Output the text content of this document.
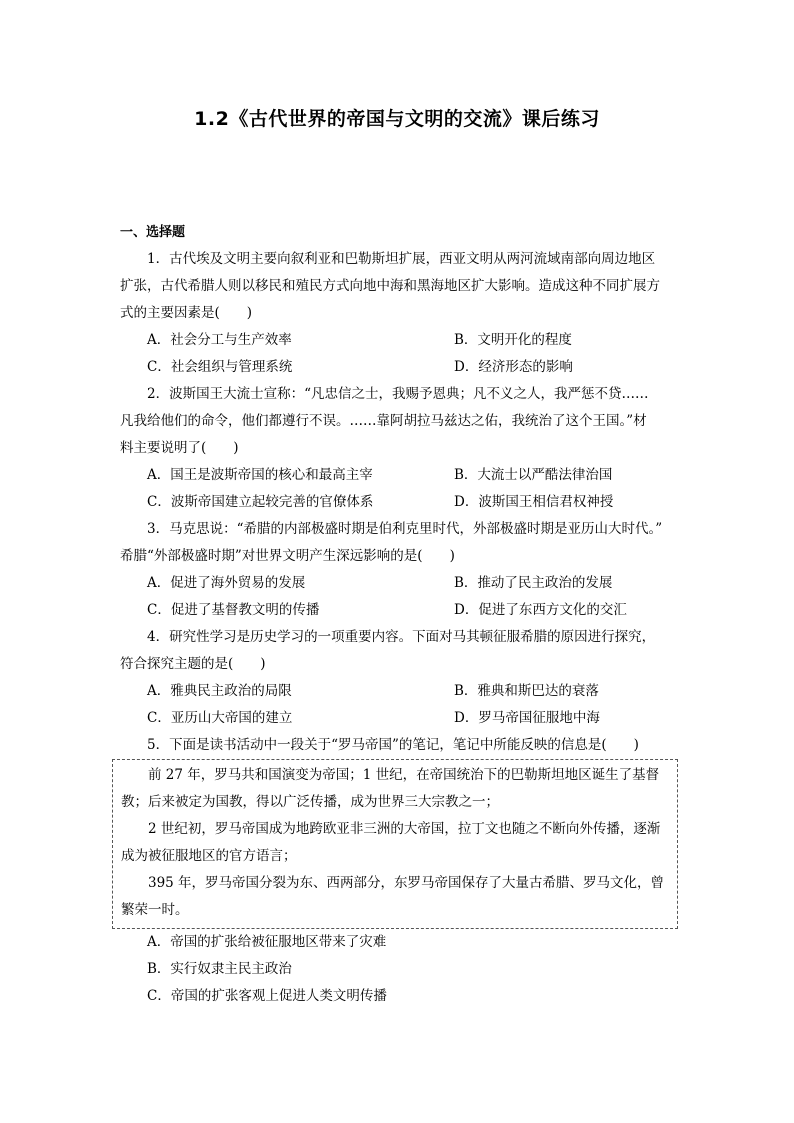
1.2《古代世界的帝国与文明的交流》课后练习
一、选择题
1．古代埃及文明主要向叙利亚和巴勒斯坦扩展，西亚文明从两河流域南部向周边地区
扩张，古代希腊人则以移民和殖民方式向地中海和黑海地区扩大影响。造成这种不同扩展方
式的主要因素是(　　)
A．社会分工与生产效率	B．文明开化的程度
C．社会组织与管理系统	D．经济形态的影响
2．波斯国王大流士宣称：“凡忠信之士，我赐予恩典；凡不义之人，我严惩不贷……
凡我给他们的命令，他们都遵行不误。……靠阿胡拉马兹达之佑，我统治了这个王国。”材
料主要说明了(　　)
A．国王是波斯帝国的核心和最高主宰	B．大流士以严酷法律治国
C．波斯帝国建立起较完善的官僚体系	D．波斯国王相信君权神授
3．马克思说：“希腊的内部极盛时期是伯利克里时代，外部极盛时期是亚历山大时代。”
希腊“外部极盛时期”对世界文明产生深远影响的是(　　)
A．促进了海外贸易的发展	B．推动了民主政治的发展
C．促进了基督教文明的传播	D．促进了东西方文化的交汇
4．研究性学习是历史学习的一项重要内容。下面对马其顿征服希腊的原因进行探究，
符合探究主题的是(　　)
A．雅典民主政治的局限	B．雅典和斯巴达的衰落
C．亚历山大帝国的建立	D．罗马帝国征服地中海
5．下面是读书活动中一段关于“罗马帝国”的笔记，笔记中所能反映的信息是(　　)
前 27 年，罗马共和国演变为帝国；1 世纪，在帝国统治下的巴勒斯坦地区诞生了基督
教；后来被定为国教，得以广泛传播，成为世界三大宗教之一；
2 世纪初，罗马帝国成为地跨欧亚非三洲的大帝国，拉丁文也随之不断向外传播，逐渐
成为被征服地区的官方语言；
395 年，罗马帝国分裂为东、西两部分，东罗马帝国保存了大量古希腊、罗马文化，曾
繁荣一时。
A．帝国的扩张给被征服地区带来了灾难
B．实行奴隶主民主政治
C．帝国的扩张客观上促进人类文明传播
